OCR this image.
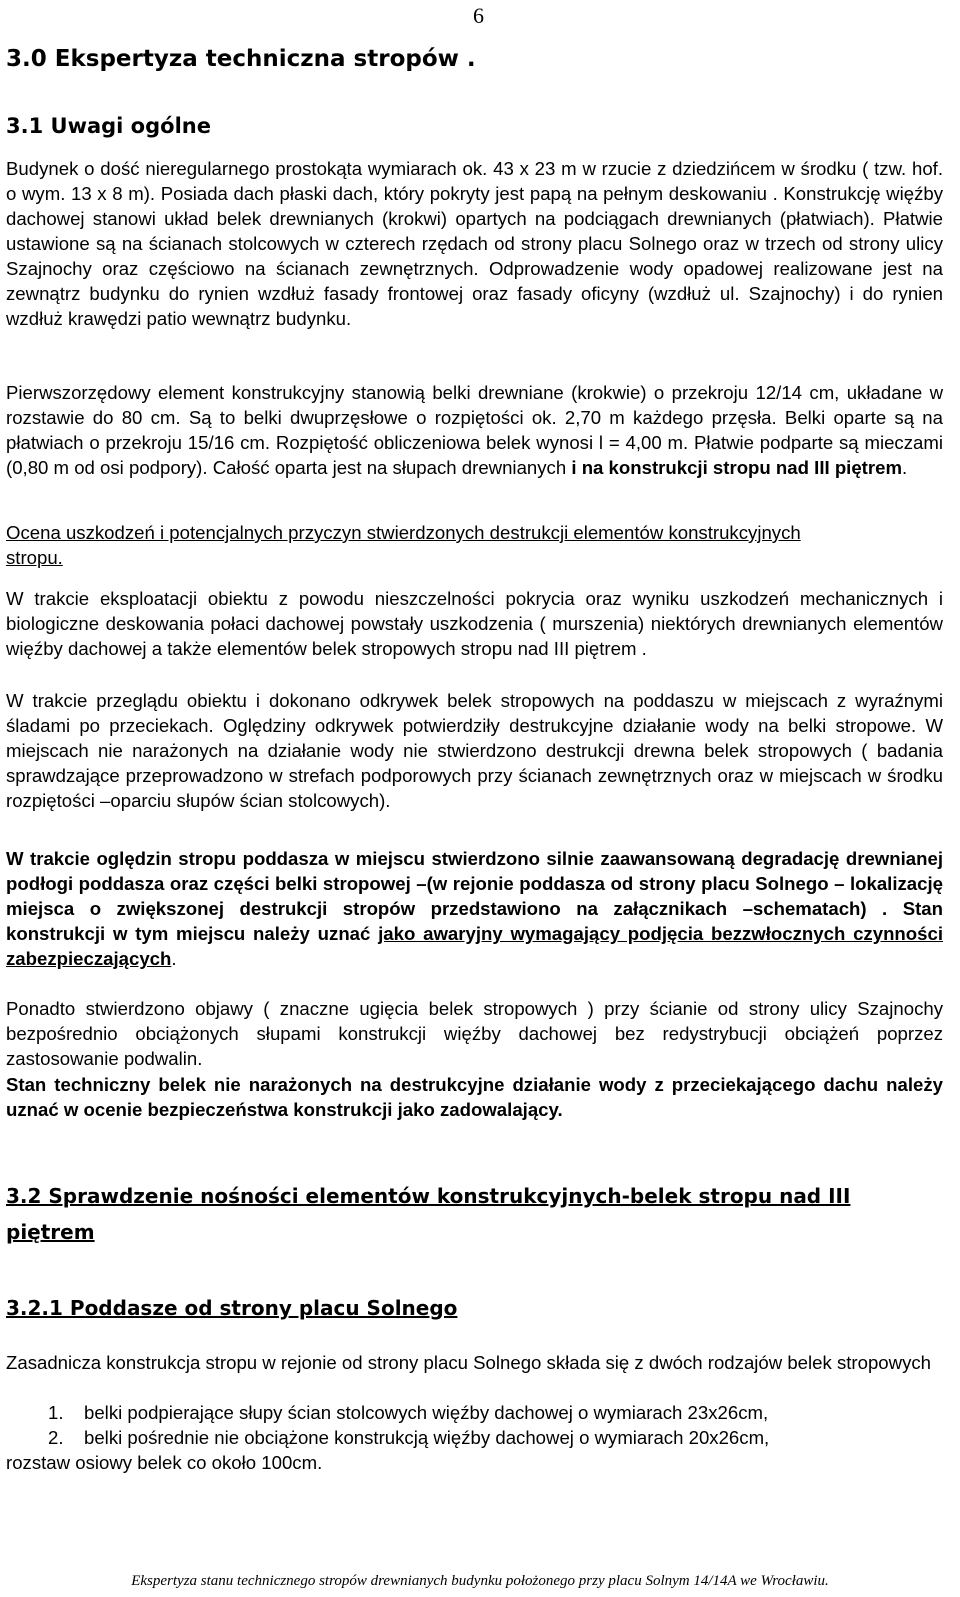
6
3.0 Ekspertyza techniczna stropów .
3.1 Uwagi ogólne

Budynek o dość nieregularnego prostokąta wymiarach ok. 43 x 23 m w rzucie z dziedzińcem w środku ( tzw. hof. o wym. 13 x 8 m). Posiada dach płaski dach, który pokryty jest papą na pełnym deskowaniu . Konstrukcję więźby dachowej stanowi układ belek drewnianych (krokwi) opartych na podciągach drewnianych (płatwiach). Płatwie ustawione są na ścianach stolcowych w czterech rzędach od strony placu Solnego oraz w trzech od strony ulicy Szajnochy oraz częściowo na ścianach zewnętrznych. Odprowadzenie wody opadowej realizowane jest na zewnątrz budynku do rynien wzdłuż fasady frontowej oraz fasady oficyny (wzdłuż ul. Szajnochy) i do rynien wzdłuż krawędzi patio wewnątrz budynku.

Pierwszorzędowy element konstrukcyjny stanowią belki drewniane (krokwie) o przekroju 12/14 cm, układane w rozstawie do 80 cm. Są to belki dwuprzęsłowe o rozpiętości ok. 2,70 m każdego przęsła. Belki oparte są na płatwiach o przekroju 15/16 cm. Rozpiętość obliczeniowa belek wynosi l = 4,00 m. Płatwie podparte są mieczami (0,80 m od osi podpory). Całość oparta jest na słupach drewnianych i na konstrukcji stropu nad III piętrem.

Ocena uszkodzeń i potencjalnych przyczyn stwierdzonych destrukcji elementów konstrukcyjnych stropu.

W trakcie eksploatacji obiektu z powodu nieszczelności pokrycia oraz wyniku uszkodzeń mechanicznych i biologiczne deskowania połaci dachowej powstały uszkodzenia ( murszenia) niektórych drewnianych elementów więźby dachowej a także elementów belek stropowych stropu nad III piętrem .

W trakcie przeglądu obiektu i dokonano odkrywek belek stropowych na poddaszu w miejscach z wyraźnymi śladami po przeciekach. Oględziny odkrywek potwierdziły destrukcyjne działanie wody na belki stropowe. W miejscach nie narażonych na działanie wody nie stwierdzono destrukcji drewna belek stropowych ( badania sprawdzające przeprowadzono w strefach podporowych przy ścianach zewnętrznych oraz w miejscach w środku rozpiętości –oparciu słupów ścian stolcowych).

W trakcie oględzin stropu poddasza w miejscu stwierdzono silnie zaawansowaną degradację drewnianej podłogi poddasza oraz części belki stropowej –(w rejonie poddasza od strony placu Solnego – lokalizację miejsca o zwiększonej destrukcji stropów przedstawiono na załącznikach –schematach) . Stan konstrukcji w tym miejscu należy uznać jako awaryjny wymagający podjęcia bezzwłocznych czynności zabezpieczających.

Ponadto stwierdzono objawy ( znaczne ugięcia belek stropowych ) przy ścianie od strony ulicy Szajnochy bezpośrednio obciążonych słupami konstrukcji więźby dachowej bez redystrybucji obciążeń poprzez zastosowanie podwalin.

Stan techniczny belek nie narażonych na destrukcyjne działanie wody z przeciekającego dachu należy uznać w ocenie bezpieczeństwa konstrukcji jako zadowalający.

3.2 Sprawdzenie nośności elementów konstrukcyjnych-belek stropu nad III piętrem
3.2.1 Poddasze od strony placu Solnego

Zasadnicza konstrukcja stropu w rejonie od strony placu Solnego składa się z dwóch rodzajów belek stropowych

1. belki podpierające słupy ścian stolcowych więźby dachowej o wymiarach 23x26cm,
2. belki pośrednie nie obciążone konstrukcją więźby dachowej o wymiarach 20x26cm,

rozstaw osiowy belek co około 100cm.

Ekspertyza stanu technicznego stropów drewnianych budynku położonego przy placu Solnym 14/14A we Wrocławiu.
